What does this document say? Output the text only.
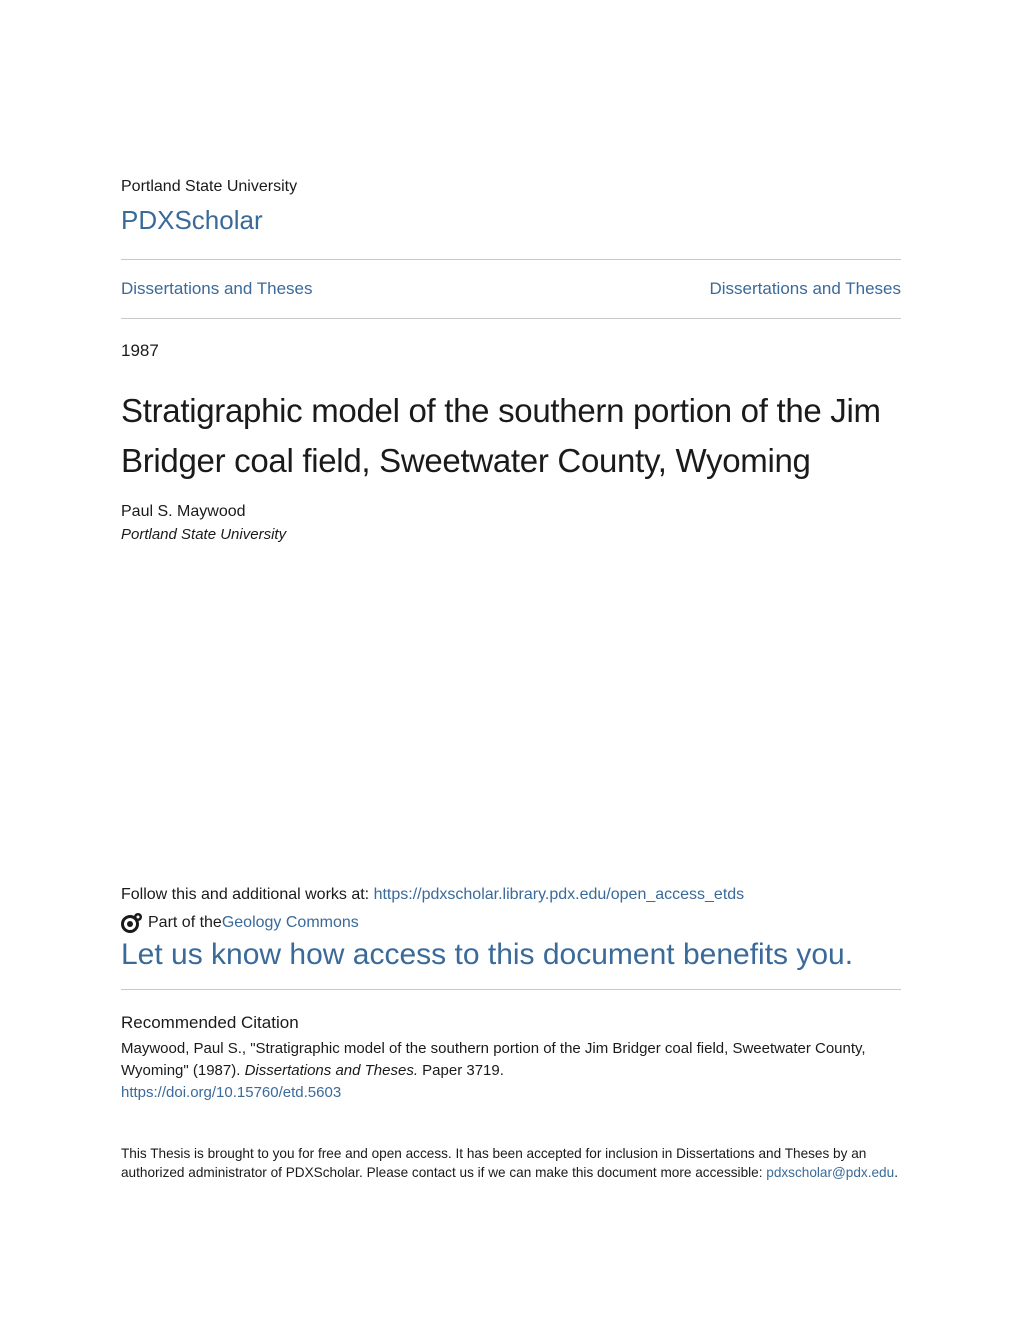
Portland State University
PDXScholar
Dissertations and Theses	Dissertations and Theses
1987
Stratigraphic model of the southern portion of the Jim Bridger coal field, Sweetwater County, Wyoming
Paul S. Maywood
Portland State University
Follow this and additional works at: https://pdxscholar.library.pdx.edu/open_access_etds
Part of the Geology Commons
Let us know how access to this document benefits you.
Recommended Citation
Maywood, Paul S., "Stratigraphic model of the southern portion of the Jim Bridger coal field, Sweetwater County, Wyoming" (1987). Dissertations and Theses. Paper 3719.
https://doi.org/10.15760/etd.5603
This Thesis is brought to you for free and open access. It has been accepted for inclusion in Dissertations and Theses by an authorized administrator of PDXScholar. Please contact us if we can make this document more accessible: pdxscholar@pdx.edu.
